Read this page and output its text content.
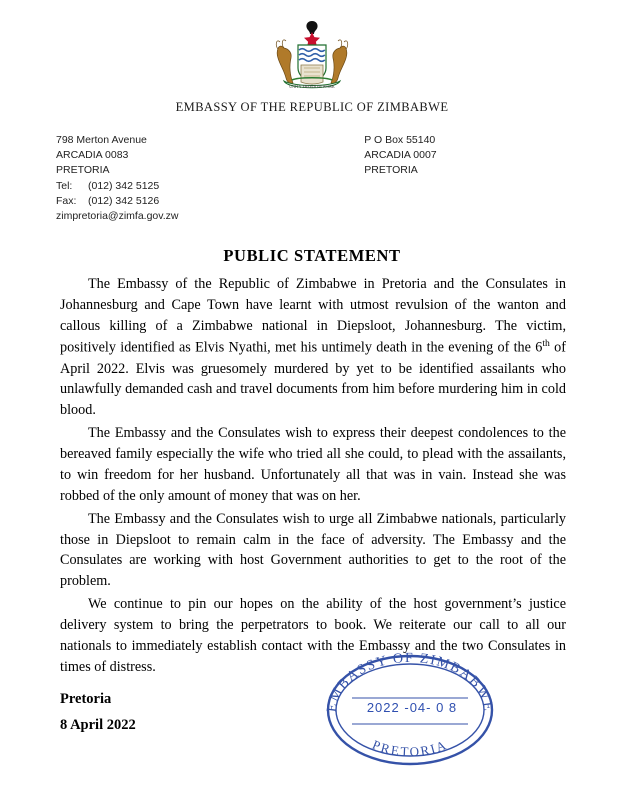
UNITY FREEDOM WORK
EMBASSY OF THE REPUBLIC OF ZIMBABWE
798 Merton Avenue
ARCADIA 0083
PRETORIA
Tel:	(012) 342 5125
Fax:	(012) 342 5126
zimpretoria@zimfa.gov.zw
P O Box 55140
ARCADIA 0007
PRETORIA
PUBLIC STATEMENT

The Embassy of the Republic of Zimbabwe in Pretoria and the Consulates in Johannesburg and Cape Town have learnt with utmost revulsion of the wanton and callous killing of a Zimbabwe national in Diepsloot, Johannesburg. The victim, positively identified as Elvis Nyathi, met his untimely death in the evening of the 6th of April 2022. Elvis was gruesomely murdered by yet to be identified assailants who unlawfully demanded cash and travel documents from him before murdering him in cold blood.

The Embassy and the Consulates wish to express their deepest condolences to the bereaved family especially the wife who tried all she could, to plead with the assailants, to win freedom for her husband. Unfortunately all that was in vain. Instead she was robbed of the only amount of money that was on her.

The Embassy and the Consulates wish to urge all Zimbabwe nationals, particularly those in Diepsloot to remain calm in the face of adversity. The Embassy and the Consulates are working with host Government authorities to get to the root of the problem.

We continue to pin our hopes on the ability of the host government’s justice delivery system to bring the perpetrators to book. We reiterate our call to all our nationals to immediately establish contact with the Embassy and the two Consulates in times of distress.

Pretoria
8 April 2022
EMBASSY OF ZIMBABWE
PRETORIA
2022 -04- 0 8
